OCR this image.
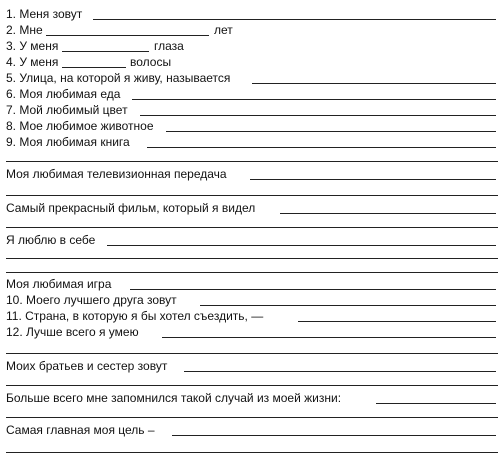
1. Меня зовут
2. Мне	лет
3. У меня	глаза
4. У меня	волосы
5. Улица, на которой я живу, называется
6. Моя любимая еда
7. Мой любимый цвет
8. Мое любимое животное
9. Моя любимая книга
Моя любимая телевизионная передача
Самый прекрасный фильм, который я видел
Я люблю в себе
Моя любимая игра
10. Моего лучшего друга зовут
11. Страна, в которую я бы хотел съездить, —
12. Лучше всего я умею
Моих братьев и сестер зовут
Больше всего мне запомнился такой случай из моей жизни:
Самая главная моя цель –
